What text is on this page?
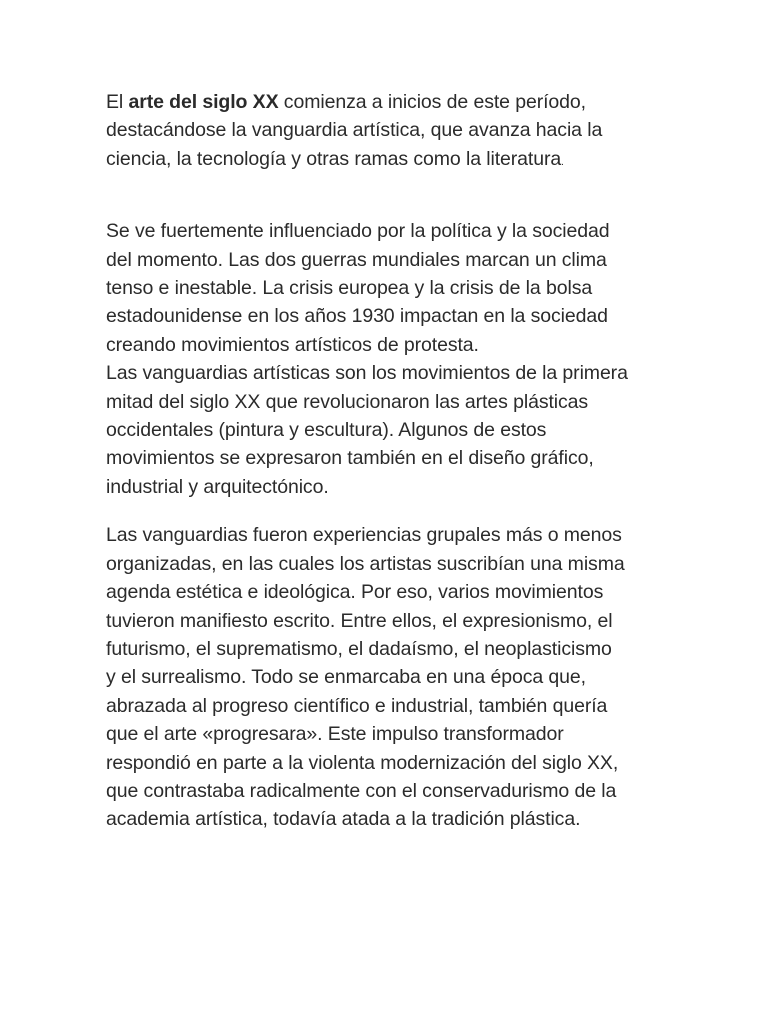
El arte del siglo XX comienza a inicios de este período,
destacándose la vanguardia artística, que avanza hacia la
ciencia, la tecnología y otras ramas como la literatura.

Se ve fuertemente influenciado por la política y la sociedad
del momento. Las dos guerras mundiales marcan un clima
tenso e inestable. La crisis europea y la crisis de la bolsa
estadounidense en los años 1930 impactan en la sociedad
creando movimientos artísticos de protesta.

Las vanguardias artísticas son los movimientos de la primera
mitad del siglo XX que revolucionaron las artes plásticas
occidentales (pintura y escultura). Algunos de estos
movimientos se expresaron también en el diseño gráfico,
industrial y arquitectónico.

Las vanguardias fueron experiencias grupales más o menos
organizadas, en las cuales los artistas suscribían una misma
agenda estética e ideológica. Por eso, varios movimientos
tuvieron manifiesto escrito. Entre ellos, el expresionismo, el
futurismo, el suprematismo, el dadaísmo, el neoplasticismo
y el surrealismo. Todo se enmarcaba en una época que,
abrazada al progreso científico e industrial, también quería
que el arte «progresara». Este impulso transformador
respondió en parte a la violenta modernización del siglo XX,
que contrastaba radicalmente con el conservadurismo de la
academia artística, todavía atada a la tradición plástica.
